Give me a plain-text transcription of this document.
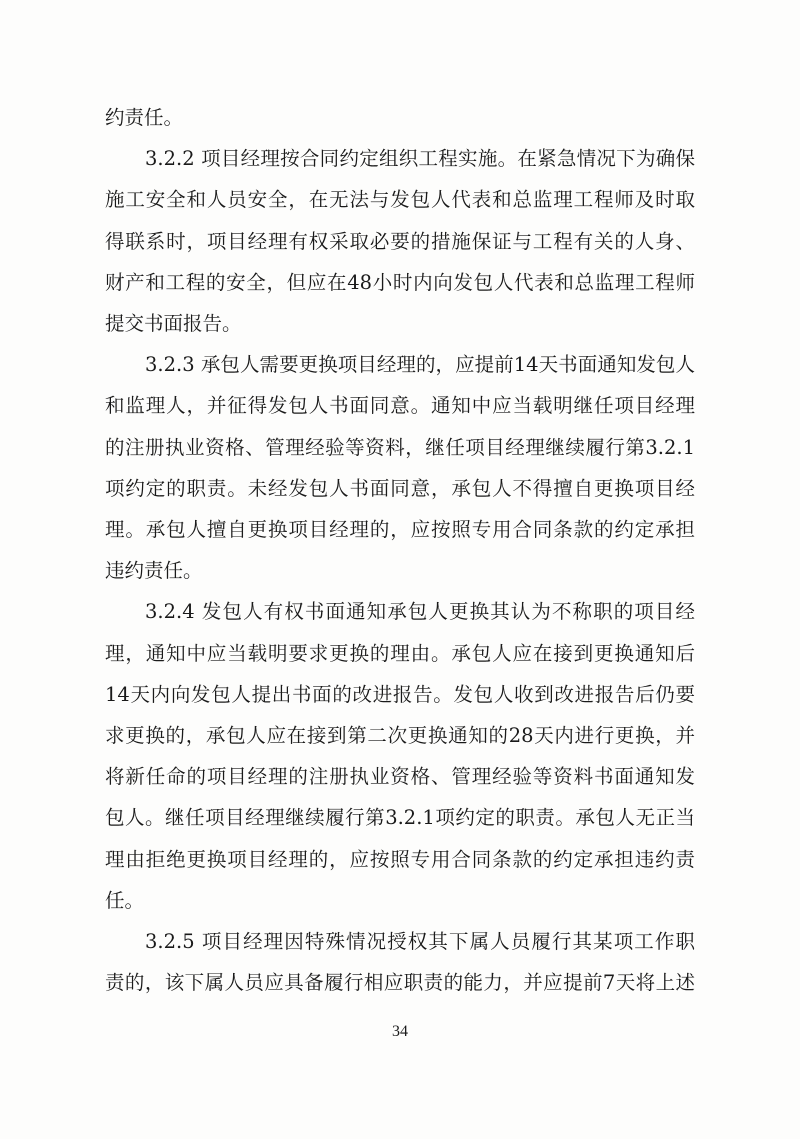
约责任。
3.2.2 项目经理按合同约定组织工程实施。在紧急情况下为确保
施工安全和人员安全，在无法与发包人代表和总监理工程师及时取
得联系时，项目经理有权采取必要的措施保证与工程有关的人身、
财产和工程的安全，但应在48小时内向发包人代表和总监理工程师
提交书面报告。
3.2.3 承包人需要更换项目经理的，应提前14天书面通知发包人
和监理人，并征得发包人书面同意。通知中应当载明继任项目经理
的注册执业资格、管理经验等资料，继任项目经理继续履行第3.2.1
项约定的职责。未经发包人书面同意，承包人不得擅自更换项目经
理。承包人擅自更换项目经理的，应按照专用合同条款的约定承担
违约责任。
3.2.4 发包人有权书面通知承包人更换其认为不称职的项目经
理，通知中应当载明要求更换的理由。承包人应在接到更换通知后
14天内向发包人提出书面的改进报告。发包人收到改进报告后仍要
求更换的，承包人应在接到第二次更换通知的28天内进行更换，并
将新任命的项目经理的注册执业资格、管理经验等资料书面通知发
包人。继任项目经理继续履行第3.2.1项约定的职责。承包人无正当
理由拒绝更换项目经理的，应按照专用合同条款的约定承担违约责
任。
3.2.5 项目经理因特殊情况授权其下属人员履行其某项工作职
责的，该下属人员应具备履行相应职责的能力，并应提前7天将上述
34
